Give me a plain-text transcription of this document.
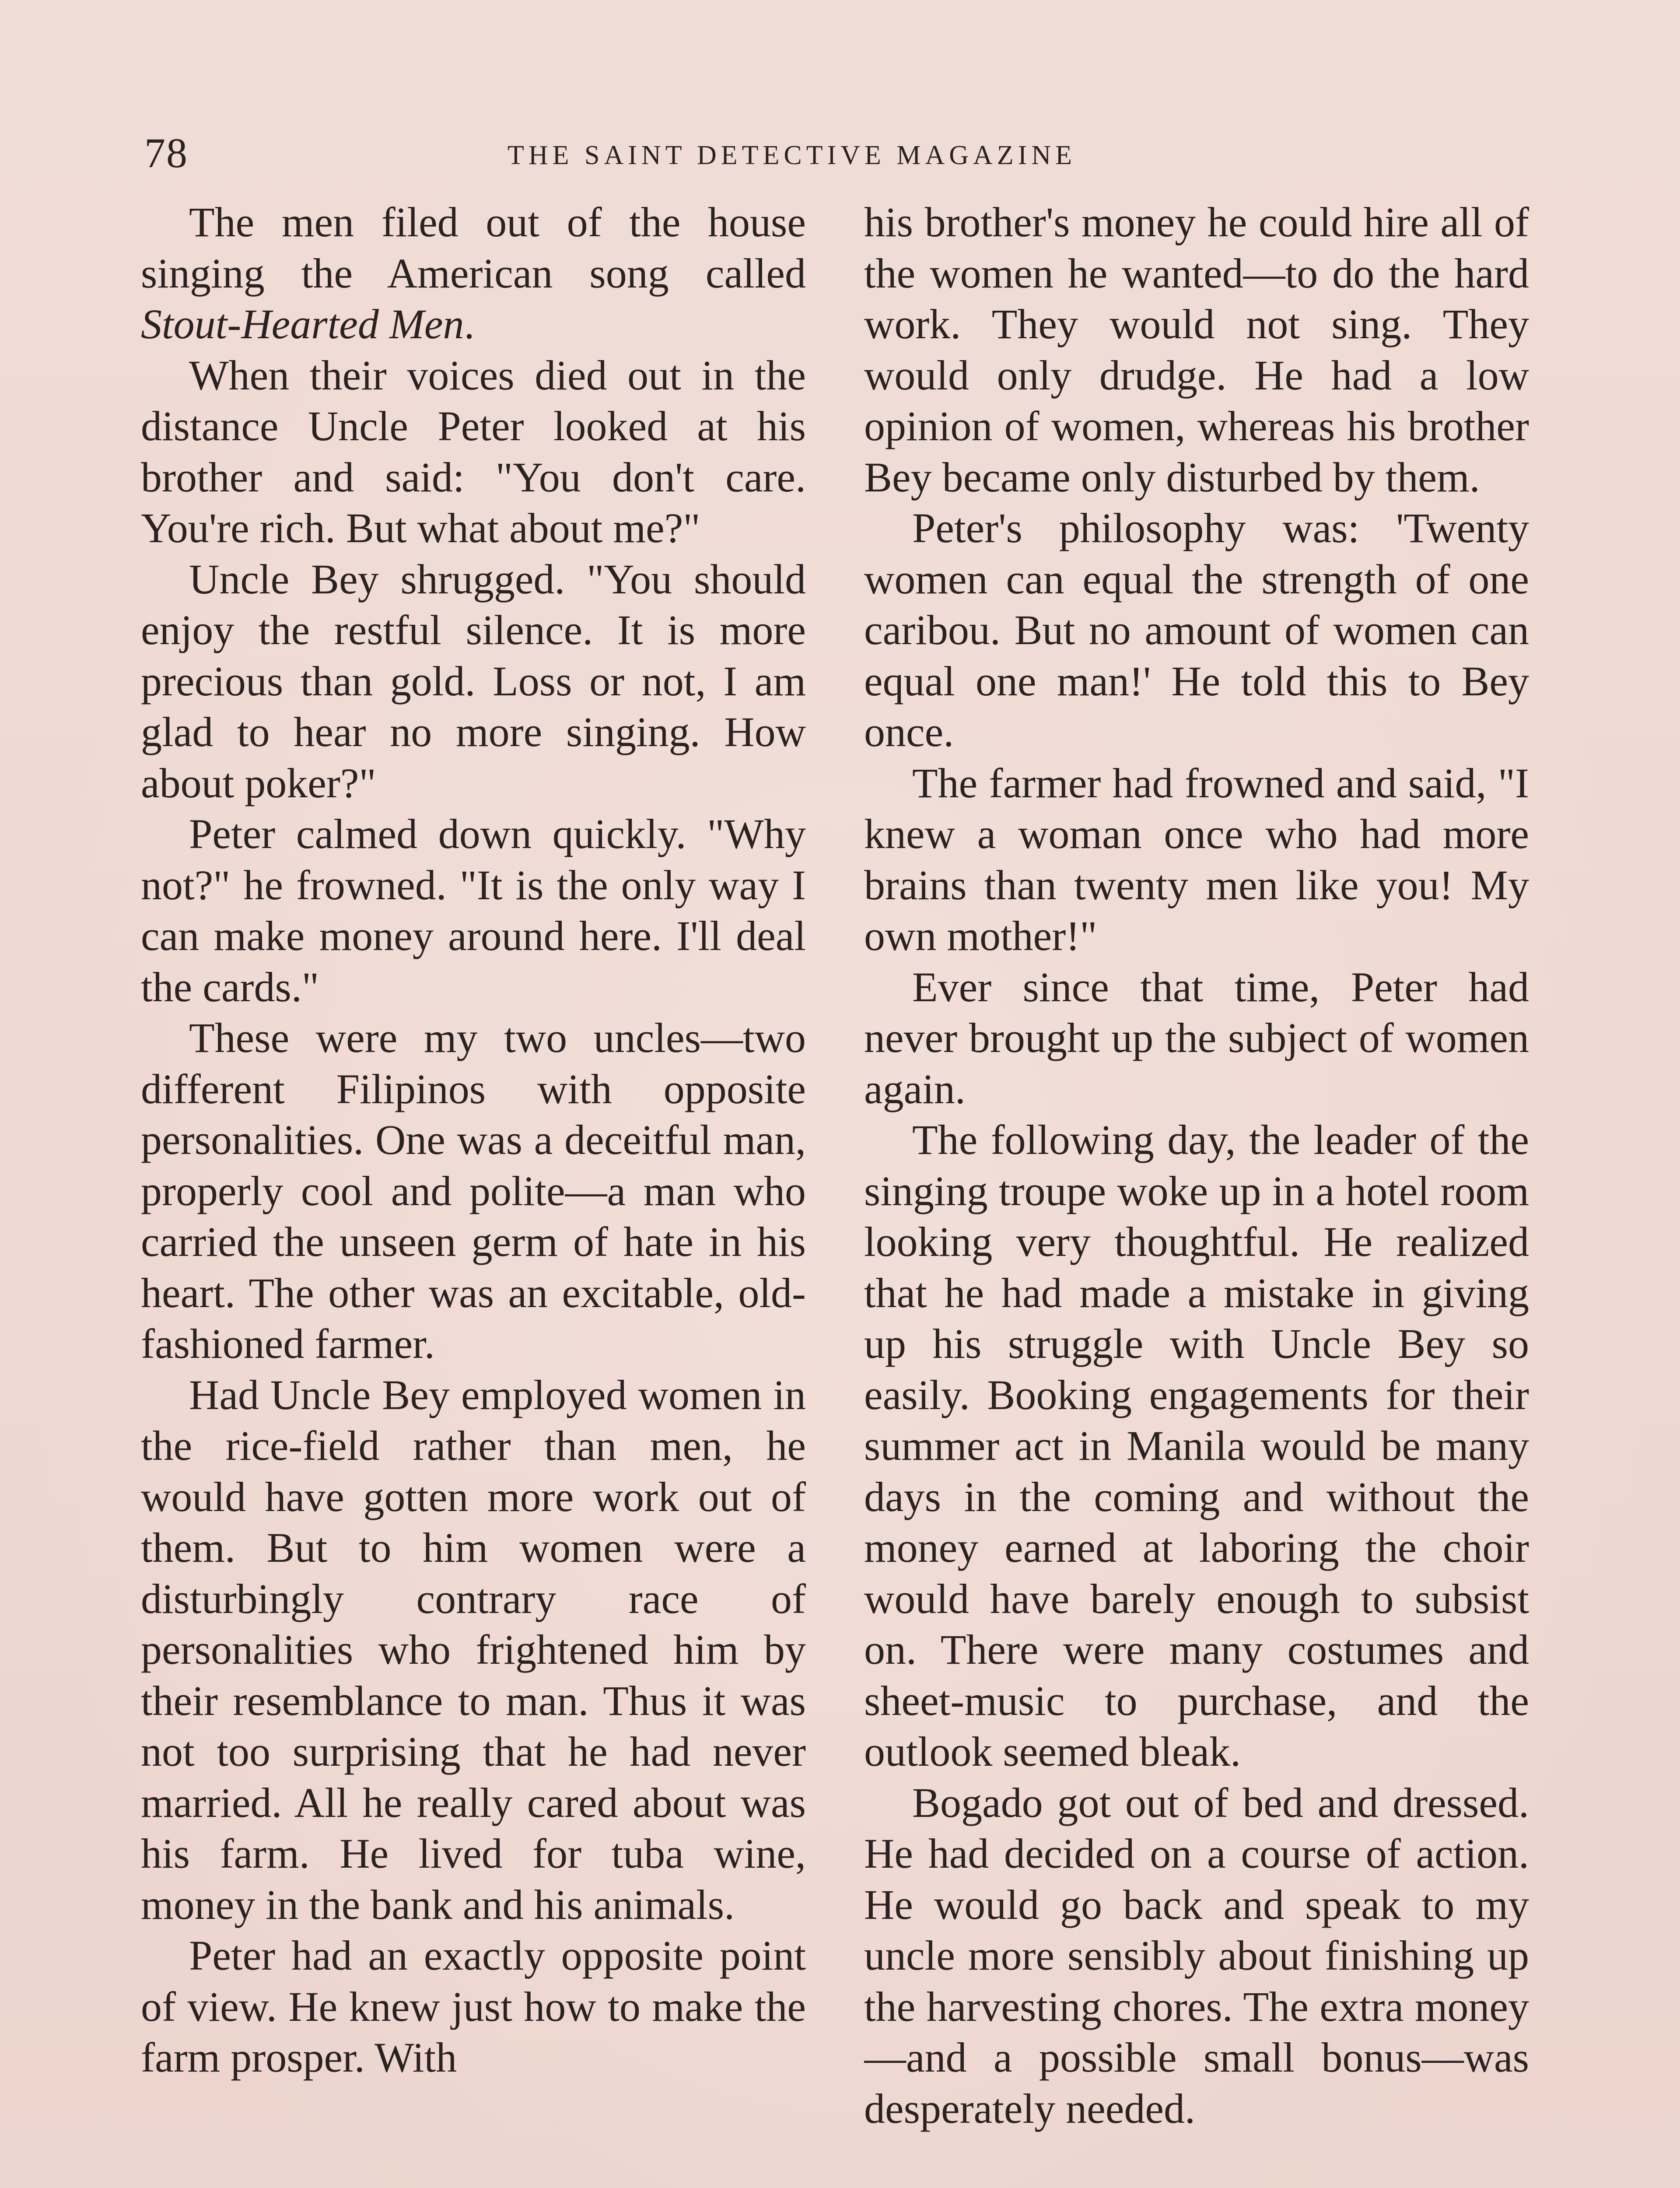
78	THE SAINT DETECTIVE MAGAZINE

The men filed out of the house singing the American song called Stout-Hearted Men.

When their voices died out in the distance Uncle Peter looked at his brother and said: "You don't care. You're rich. But what about me?"

Uncle Bey shrugged. "You should enjoy the restful silence. It is more precious than gold. Loss or not, I am glad to hear no more singing. How about poker?"

Peter calmed down quickly. "Why not?" he frowned. "It is the only way I can make money around here. I'll deal the cards."

These were my two uncles—two different Filipinos with opposite personalities. One was a deceitful man, properly cool and polite—a man who carried the unseen germ of hate in his heart. The other was an excitable, old-fashioned farmer.

Had Uncle Bey employed women in the rice-field rather than men, he would have gotten more work out of them. But to him women were a disturbingly contrary race of personalities who frightened him by their resemblance to man. Thus it was not too surprising that he had never married. All he really cared about was his farm. He lived for tuba wine, money in the bank and his animals.

Peter had an exactly opposite point of view. He knew just how to make the farm prosper. With

his brother's money he could hire all of the women he wanted—to do the hard work. They would not sing. They would only drudge. He had a low opinion of women, whereas his brother Bey became only disturbed by them.

Peter's philosophy was: 'Twenty women can equal the strength of one caribou. But no amount of women can equal one man!' He told this to Bey once.

The farmer had frowned and said, "I knew a woman once who had more brains than twenty men like you! My own mother!"

Ever since that time, Peter had never brought up the subject of women again.

The following day, the leader of the singing troupe woke up in a hotel room looking very thoughtful. He realized that he had made a mistake in giving up his struggle with Uncle Bey so easily. Booking engagements for their summer act in Manila would be many days in the coming and without the money earned at laboring the choir would have barely enough to subsist on. There were many costumes and sheet-music to purchase, and the outlook seemed bleak.

Bogado got out of bed and dressed. He had decided on a course of action. He would go back and speak to my uncle more sensibly about finishing up the harvesting chores. The extra money—and a possible small bonus—was desperately needed.
